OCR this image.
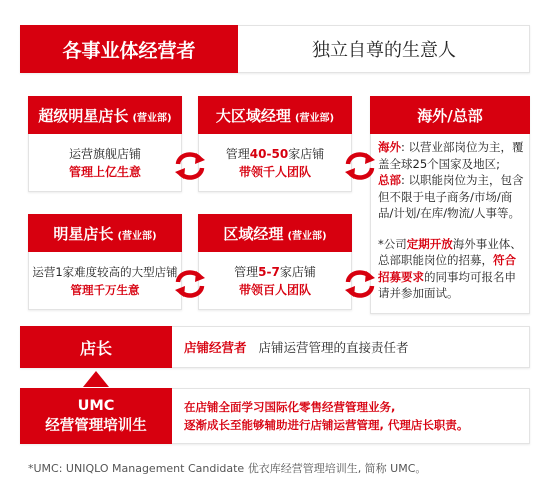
各事业体经营者	独立自尊的生意人
超级明星店长 (营业部)
运营旗舰店铺
管理上亿生意
大区域经理 (营业部)
管理40-50家店铺
带领千人团队
海外/总部
海外: 以营业部岗位为主，覆盖全球25个国家及地区;
总部: 以职能岗位为主，包含但不限于电子商务/市场/商品/计划/在库/物流/人事等。
*公司定期开放海外事业体、总部职能岗位的招募，符合招募要求的同事均可报名申请并参加面试。
明星店长 (营业部)
运营1家难度较高的大型店铺
管理千万生意
区域经理 (营业部)
管理5-7家店铺
带领百人团队
店长	店铺经营者 店铺运营管理的直接责任者
UMC
经营管理培训生
在店铺全面学习国际化零售经营管理业务,
逐渐成长至能够辅助进行店铺运营管理, 代理店长职责。
*UMC: UNIQLO Management Candidate 优衣库经营管理培训生, 简称 UMC。
